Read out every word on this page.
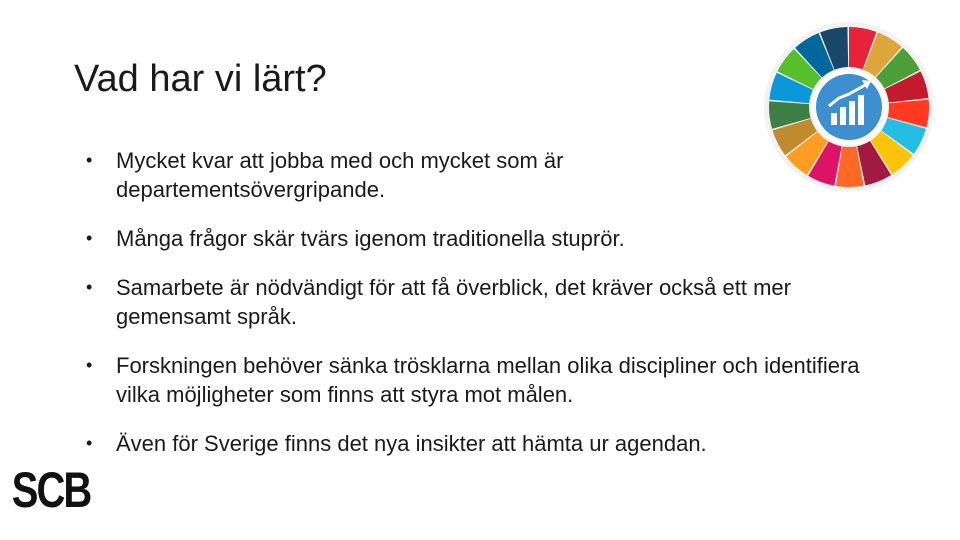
Vad har vi lärt?
• Mycket kvar att jobba med och mycket som är departementsövergripande.
• Många frågor skär tvärs igenom traditionella stuprör.
• Samarbete är nödvändigt för att få överblick, det kräver också ett mer gemensamt språk.
• Forskningen behöver sänka trösklarna mellan olika discipliner och identifiera vilka möjligheter som finns att styra mot målen.
• Även för Sverige finns det nya insikter att hämta ur agendan.
SCB
